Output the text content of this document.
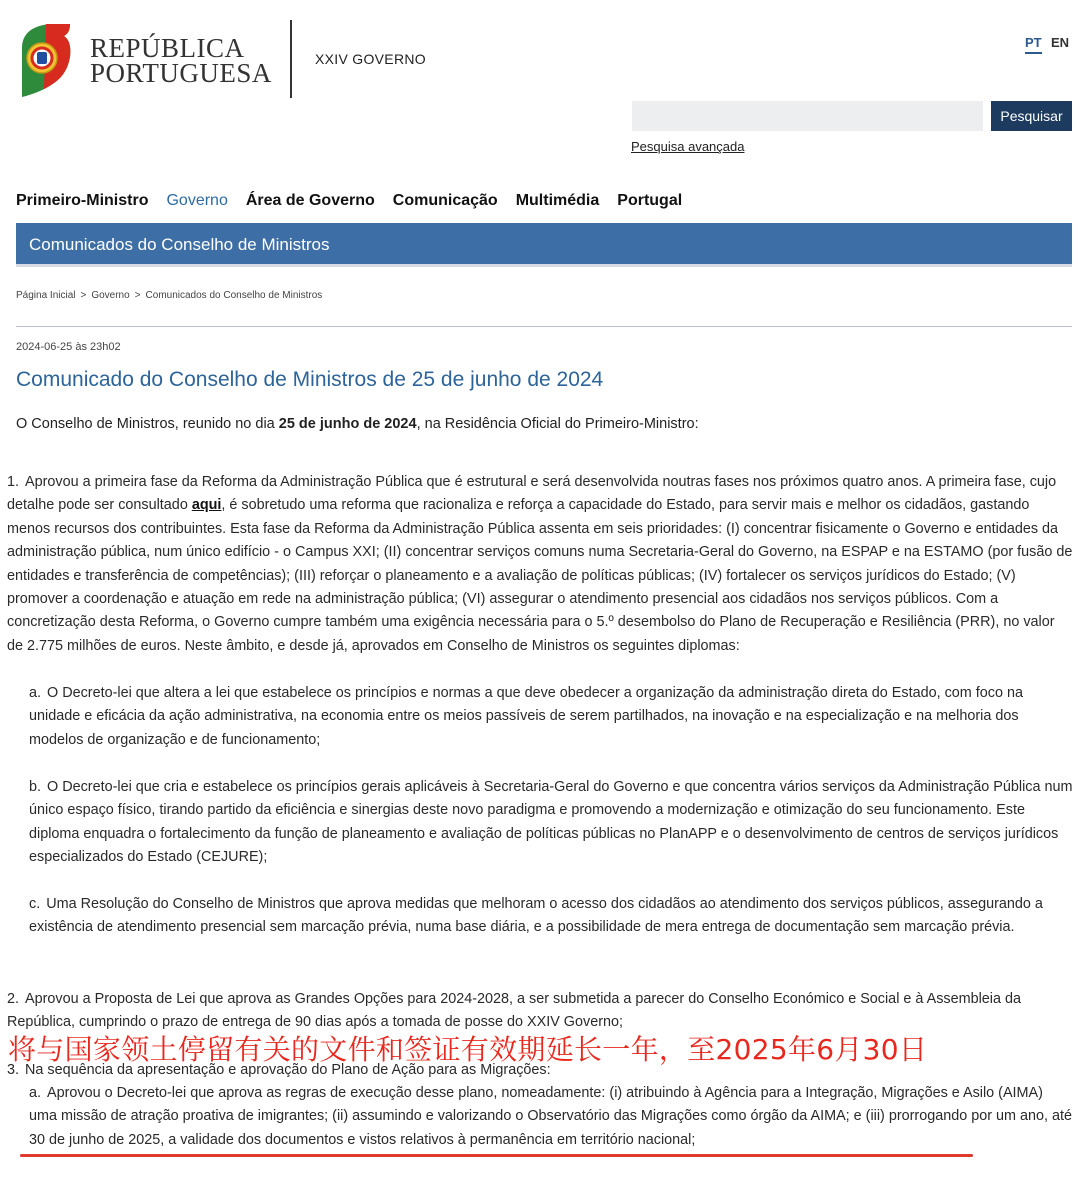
REPÚBLICA
PORTUGUESA	XXIV GOVERNO
PT EN
Pesquisar
Pesquisa avançada
Primeiro-Ministro Governo Área de Governo Comunicação Multimédia Portugal
Comunicados do Conselho de Ministros
Página Inicial > Governo > Comunicados do Conselho de Ministros
2024-06-25 às 23h02
Comunicado do Conselho de Ministros de 25 de junho de 2024

O Conselho de Ministros, reunido no dia 25 de junho de 2024, na Residência Oficial do Primeiro-Ministro:

1. Aprovou a primeira fase da Reforma da Administração Pública que é estrutural e será desenvolvida noutras fases nos próximos quatro anos. A primeira fase, cujo detalhe pode ser consultado aqui, é sobretudo uma reforma que racionaliza e reforça a capacidade do Estado, para servir mais e melhor os cidadãos, gastando menos recursos dos contribuintes. Esta fase da Reforma da Administração Pública assenta em seis prioridades: (I) concentrar fisicamente o Governo e entidades da administração pública, num único edifício - o Campus XXI; (II) concentrar serviços comuns numa Secretaria-Geral do Governo, na ESPAP e na ESTAMO (por fusão de entidades e transferência de competências); (III) reforçar o planeamento e a avaliação de políticas públicas; (IV) fortalecer os serviços jurídicos do Estado; (V) promover a coordenação e atuação em rede na administração pública; (VI) assegurar o atendimento presencial aos cidadãos nos serviços públicos. Com a concretização desta Reforma, o Governo cumpre também uma exigência necessária para o 5.º desembolso do Plano de Recuperação e Resiliência (PRR), no valor de 2.775 milhões de euros. Neste âmbito, e desde já, aprovados em Conselho de Ministros os seguintes diplomas:
a. O Decreto-lei que altera a lei que estabelece os princípios e normas a que deve obedecer a organização da administração direta do Estado, com foco na unidade e eficácia da ação administrativa, na economia entre os meios passíveis de serem partilhados, na inovação e na especialização e na melhoria dos modelos de organização e de funcionamento;
b. O Decreto-lei que cria e estabelece os princípios gerais aplicáveis à Secretaria-Geral do Governo e que concentra vários serviços da Administração Pública num único espaço físico, tirando partido da eficiência e sinergias deste novo paradigma e promovendo a modernização e otimização do seu funcionamento. Este diploma enquadra o fortalecimento da função de planeamento e avaliação de políticas públicas no PlanAPP e o desenvolvimento de centros de serviços jurídicos especializados do Estado (CEJURE);
c. Uma Resolução do Conselho de Ministros que aprova medidas que melhoram o acesso dos cidadãos ao atendimento dos serviços públicos, assegurando a existência de atendimento presencial sem marcação prévia, numa base diária, e a possibilidade de mera entrega de documentação sem marcação prévia.
2. Aprovou a Proposta de Lei que aprova as Grandes Opções para 2024-2028, a ser submetida a parecer do Conselho Económico e Social e à Assembleia da República, cumprindo o prazo de entrega de 90 dias após a tomada de posse do XXIV Governo;
3. Na sequência da apresentação e aprovação do Plano de Ação para as Migrações:
a. Aprovou o Decreto-lei que aprova as regras de execução desse plano, nomeadamente: (i) atribuindo à Agência para a Integração, Migrações e Asilo (AIMA) uma missão de atração proativa de imigrantes; (ii) assumindo e valorizando o Observatório das Migrações como órgão da AIMA; e (iii) prorrogando por um ano, até 30 de junho de 2025, a validade dos documentos e vistos relativos à permanência em território nacional;
将与国家领土停留有关的文件和签证有效期延长一年，至2025年6月30日
